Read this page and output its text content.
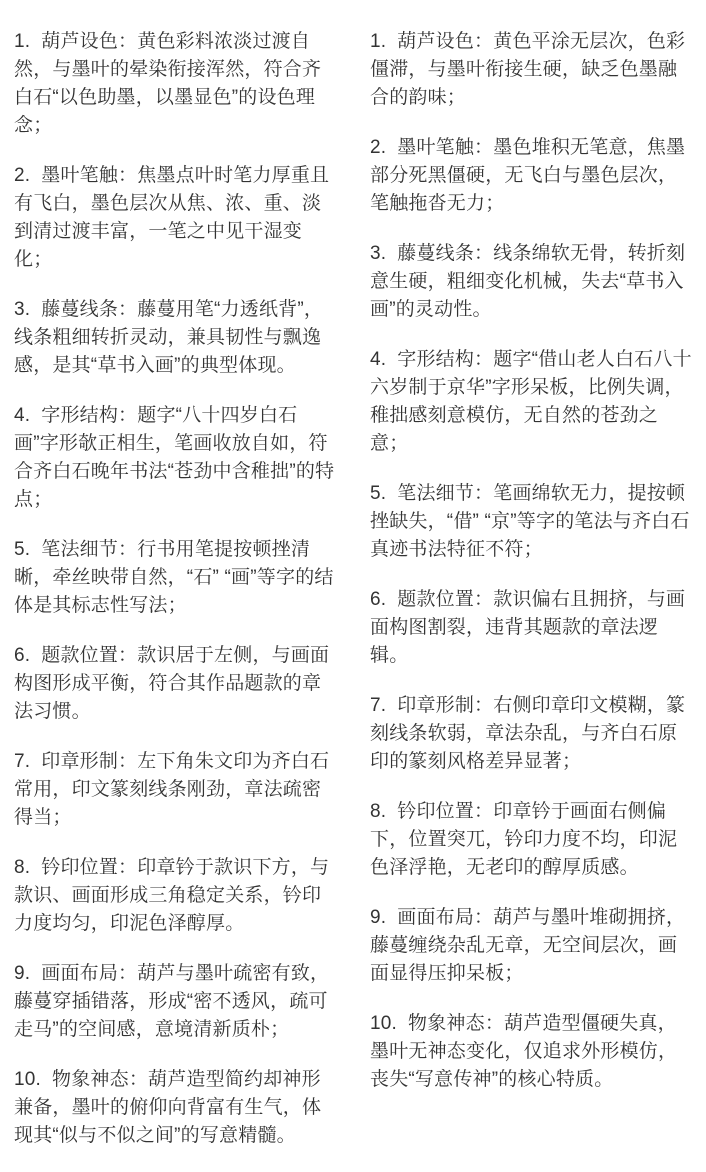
1. 葫芦设色：黄色彩料浓淡过渡自然，与墨叶的晕染衔接浑然，符合齐白石“以色助墨，以墨显色”的设色理念；

2. 墨叶笔触：焦墨点叶时笔力厚重且有飞白，墨色层次从焦、浓、重、淡到清过渡丰富，一笔之中见干湿变化；

3. 藤蔓线条：藤蔓用笔“力透纸背”，线条粗细转折灵动，兼具韧性与飘逸感，是其“草书入画”的典型体现。

4. 字形结构：题字“八十四岁白石画”字形欹正相生，笔画收放自如，符合齐白石晚年书法“苍劲中含稚拙”的特点；

5. 笔法细节：行书用笔提按顿挫清晰，牵丝映带自然，“石” “画”等字的结体是其标志性写法；

6. 题款位置：款识居于左侧，与画面构图形成平衡，符合其作品题款的章法习惯。

7. 印章形制：左下角朱文印为齐白石常用，印文篆刻线条刚劲，章法疏密得当；

8. 钤印位置：印章钤于款识下方，与款识、画面形成三角稳定关系，钤印力度均匀，印泥色泽醇厚。

9. 画面布局：葫芦与墨叶疏密有致，藤蔓穿插错落，形成“密不透风，疏可走马”的空间感，意境清新质朴；

10. 物象神态：葫芦造型简约却神形兼备，墨叶的俯仰向背富有生气，体现其“似与不似之间”的写意精髓。

1. 葫芦设色：黄色平涂无层次，色彩僵滞，与墨叶衔接生硬，缺乏色墨融合的韵味；

2. 墨叶笔触：墨色堆积无笔意，焦墨部分死黑僵硬，无飞白与墨色层次，笔触拖沓无力；

3. 藤蔓线条：线条绵软无骨，转折刻意生硬，粗细变化机械，失去“草书入画”的灵动性。

4. 字形结构：题字“借山老人白石八十六岁制于京华”字形呆板，比例失调，稚拙感刻意模仿，无自然的苍劲之意；

5. 笔法细节：笔画绵软无力，提按顿挫缺失，“借” “京”等字的笔法与齐白石真迹书法特征不符；

6. 题款位置：款识偏右且拥挤，与画面构图割裂，违背其题款的章法逻辑。

7. 印章形制：右侧印章印文模糊，篆刻线条软弱，章法杂乱，与齐白石原印的篆刻风格差异显著；

8. 钤印位置：印章钤于画面右侧偏下，位置突兀，钤印力度不均，印泥色泽浮艳，无老印的醇厚质感。

9. 画面布局：葫芦与墨叶堆砌拥挤，藤蔓缠绕杂乱无章，无空间层次，画面显得压抑呆板；

10. 物象神态：葫芦造型僵硬失真，墨叶无神态变化，仅追求外形模仿，丧失“写意传神”的核心特质。
